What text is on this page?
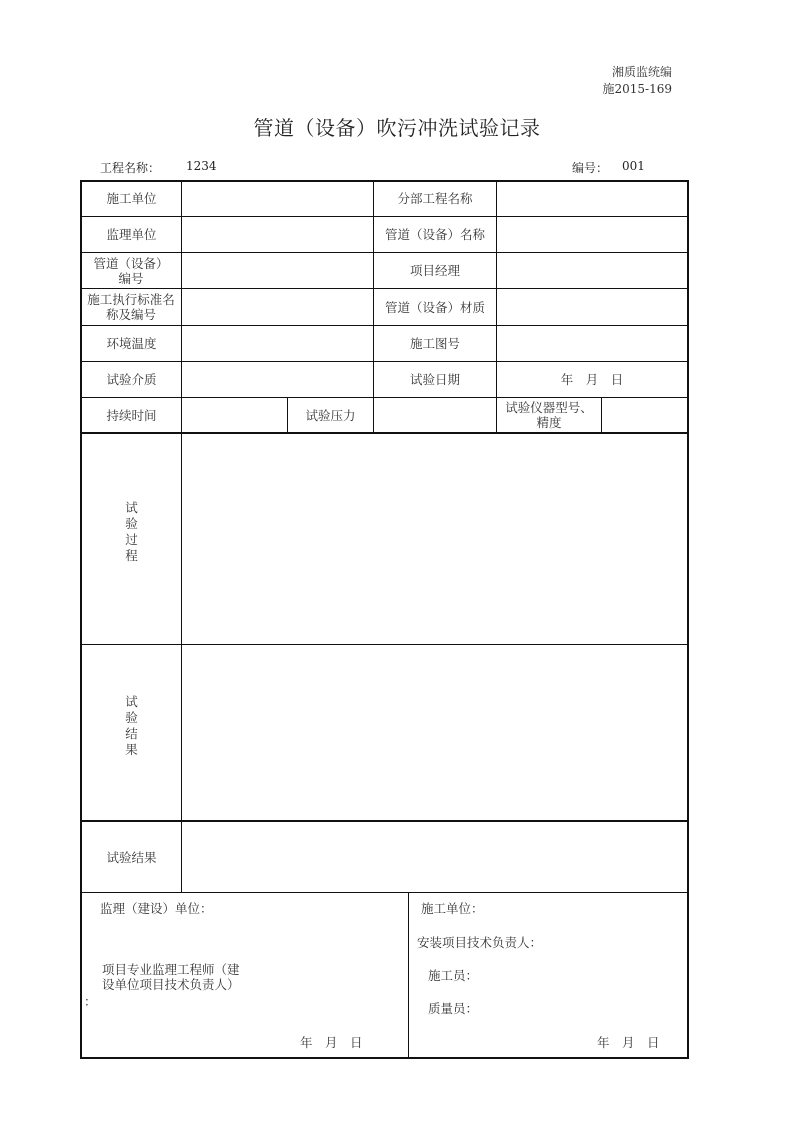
湘质监统编
施2015-169
管道（设备）吹污冲洗试验记录
工程名称： 1234	编号： 001
施工单位	分部工程名称
监理单位	管道（设备）名称
管道（设备）编号	项目经理
施工执行标准名称及编号	管道（设备）材质
环境温度	施工图号
试验介质	试验日期	年　月　日
持续时间	试验压力	试验仪器型号、精度
试
验
过
程
试
验
结
果
试验结果
监理（建设）单位：
项目专业监理工程师（建
设单位项目技术负责人）
：
年　月　日
施工单位：
安装项目技术负责人：
施工员：
质量员：
年　月　日
